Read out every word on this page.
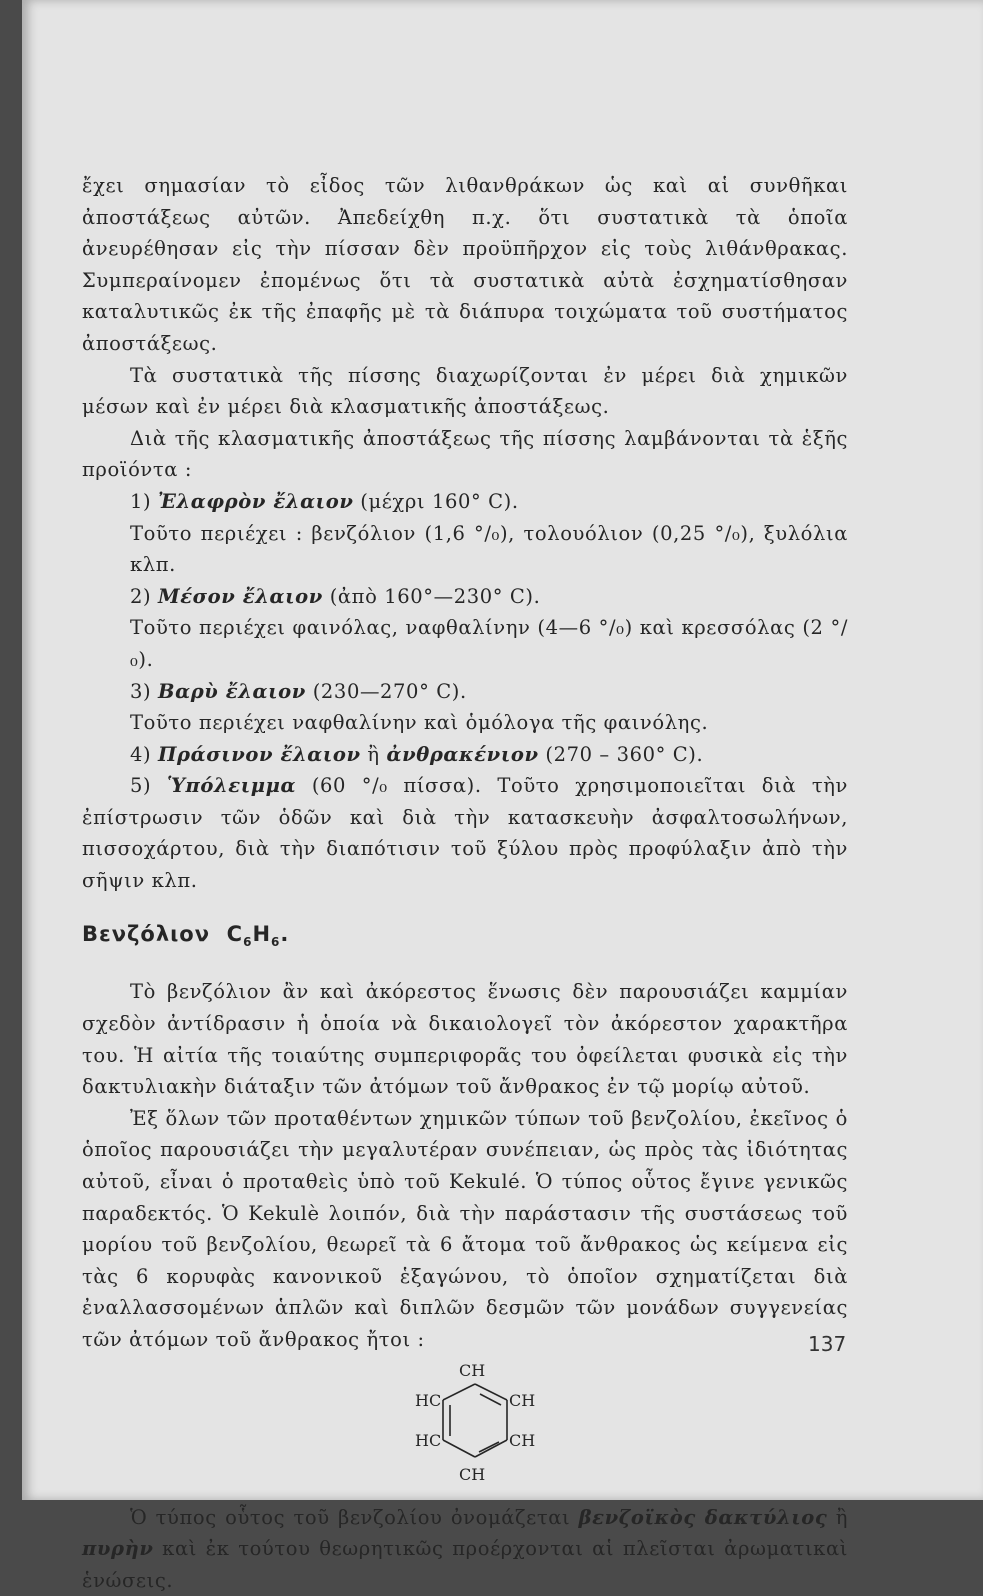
ἔχει σημασίαν τὸ εἶδος τῶν λιθανθράκων ὡς καὶ αἱ συνθῆκαι ἀποστάξεως αὐτῶν. Ἀπεδείχθη π.χ. ὅτι συστατικὰ τὰ ὁποῖα ἀνευρέθησαν εἰς τὴν πίσσαν δὲν προϋπῆρχον εἰς τοὺς λιθάνθρακας. Συμπεραίνομεν ἐπομένως ὅτι τὰ συστατικὰ αὐτὰ ἐσχηματίσθησαν καταλυτικῶς ἐκ τῆς ἐπαφῆς μὲ τὰ διάπυρα τοιχώματα τοῦ συστήματος ἀποστάξεως.

Τὰ συστατικὰ τῆς πίσσης διαχωρίζονται ἐν μέρει διὰ χημικῶν μέσων καὶ ἐν μέρει διὰ κλασματικῆς ἀποστάξεως.

Διὰ τῆς κλασματικῆς ἀποστάξεως τῆς πίσσης λαμβάνονται τὰ ἑξῆς προϊόντα :

1) Ἐλαφρὸν ἔλαιον (μέχρι 160° C).

Τοῦτο περιέχει : βενζόλιον (1,6 °/₀), τολουόλιον (0,25 °/₀), ξυλόλια κλπ.

2) Μέσον ἔλαιον (ἀπὸ 160°—230° C).

Τοῦτο περιέχει φαινόλας, ναφθαλίνην (4—6 °/₀) καὶ κρεσσόλας (2 °/₀).

3) Βαρὺ ἔλαιον (230—270° C).

Τοῦτο περιέχει ναφθαλίνην καὶ ὁμόλογα τῆς φαινόλης.

4) Πράσινον ἔλαιον ἢ ἀνθρακένιον (270 – 360° C).

5) Ὑπόλειμμα (60 °/₀ πίσσα). Τοῦτο χρησιμοποιεῖται διὰ τὴν ἐπίστρωσιν τῶν ὁδῶν καὶ διὰ τὴν κατασκευὴν ἀσφαλτοσωλήνων, πισσοχάρτου, διὰ τὴν διαπότισιν τοῦ ξύλου πρὸς προφύλαξιν ἀπὸ τὴν σῆψιν κλπ.

Βενζόλιον $C_6H_6$.

Τὸ βενζόλιον ἂν καὶ ἀκόρεστος ἕνωσις δὲν παρουσιάζει καμμίαν σχεδὸν ἀντίδρασιν ἡ ὁποία νὰ δικαιολογεῖ τὸν ἀκόρεστον χαρακτῆρα του. Ἡ αἰτία τῆς τοιαύτης συμπεριφορᾶς του ὀφείλεται φυσικὰ εἰς τὴν δακτυλιακὴν διάταξιν τῶν ἀτόμων τοῦ ἄνθρακος ἐν τῷ μορίῳ αὐτοῦ.

Ἐξ ὅλων τῶν προταθέντων χημικῶν τύπων τοῦ βενζολίου, ἐκεῖνος ὁ ὁποῖος παρουσιάζει τὴν μεγαλυτέραν συνέπειαν, ὡς πρὸς τὰς ἰδιότητας αὐτοῦ, εἶναι ὁ προταθεὶς ὑπὸ τοῦ Kekulé. Ὁ τύπος οὗτος ἔγινε γενικῶς παραδεκτός. Ὁ Kekulè λοιπόν, διὰ τὴν παράστασιν τῆς συστάσεως τοῦ μορίου τοῦ βενζολίου, θεωρεῖ τὰ 6 ἄτομα τοῦ ἄνθρακος ὡς κείμενα εἰς τὰς 6 κορυφὰς κανονικοῦ ἑξαγώνου, τὸ ὁποῖον σχηματίζεται διὰ ἐναλλασσομένων ἁπλῶν καὶ διπλῶν δεσμῶν τῶν μονάδων συγγενείας τῶν ἀτόμων τοῦ ἄνθρακος ἤτοι :

CH
HC	CH
HC	CH
CH

Ὁ τύπος οὗτος τοῦ βενζολίου ὀνομάζεται βενζοϊκὸς δακτύλιος ἢ πυρὴν καὶ ἐκ τούτου θεωρητικῶς προέρχονται αἱ πλεῖσται ἀρωματικαὶ ἑνώσεις.

137
